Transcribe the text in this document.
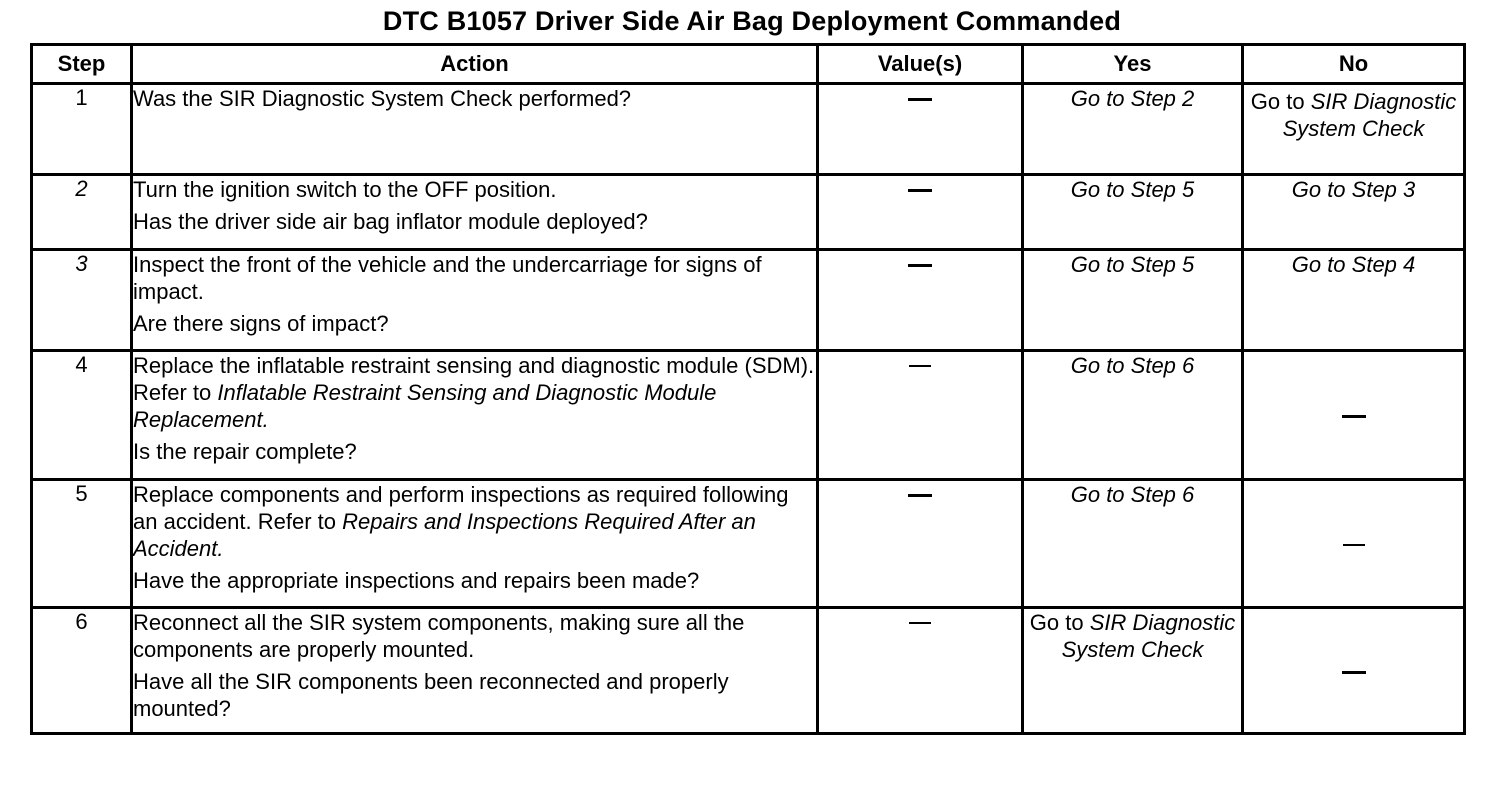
DTC B1057 Driver Side Air Bag Deployment Commanded
Step	Action	Value(s)	Yes	No
1	Was the SIR Diagnostic System Check performed?		Go to Step 2	Go to SIR Diagnostic System Check
2	Turn the ignition switch to the OFF position.

Has the driver side air bag inflator module deployed?		Go to Step 5	Go to Step 3
3	Inspect the front of the vehicle and the undercarriage for signs of impact.

Are there signs of impact?		Go to Step 5	Go to Step 4
4	Replace the inflatable restraint sensing and diagnostic module (SDM). Refer to Inflatable Restraint Sensing and Diagnostic Module Replacement.

Is the repair complete?		Go to Step 6	
5	Replace components and perform inspections as required following an accident. Refer to Repairs and Inspections Required After an Accident.

Have the appropriate inspections and repairs been made?		Go to Step 6	
6	Reconnect all the SIR system components, making sure all the components are properly mounted.

Have all the SIR components been reconnected and properly mounted?		Go to SIR Diagnostic System Check	
